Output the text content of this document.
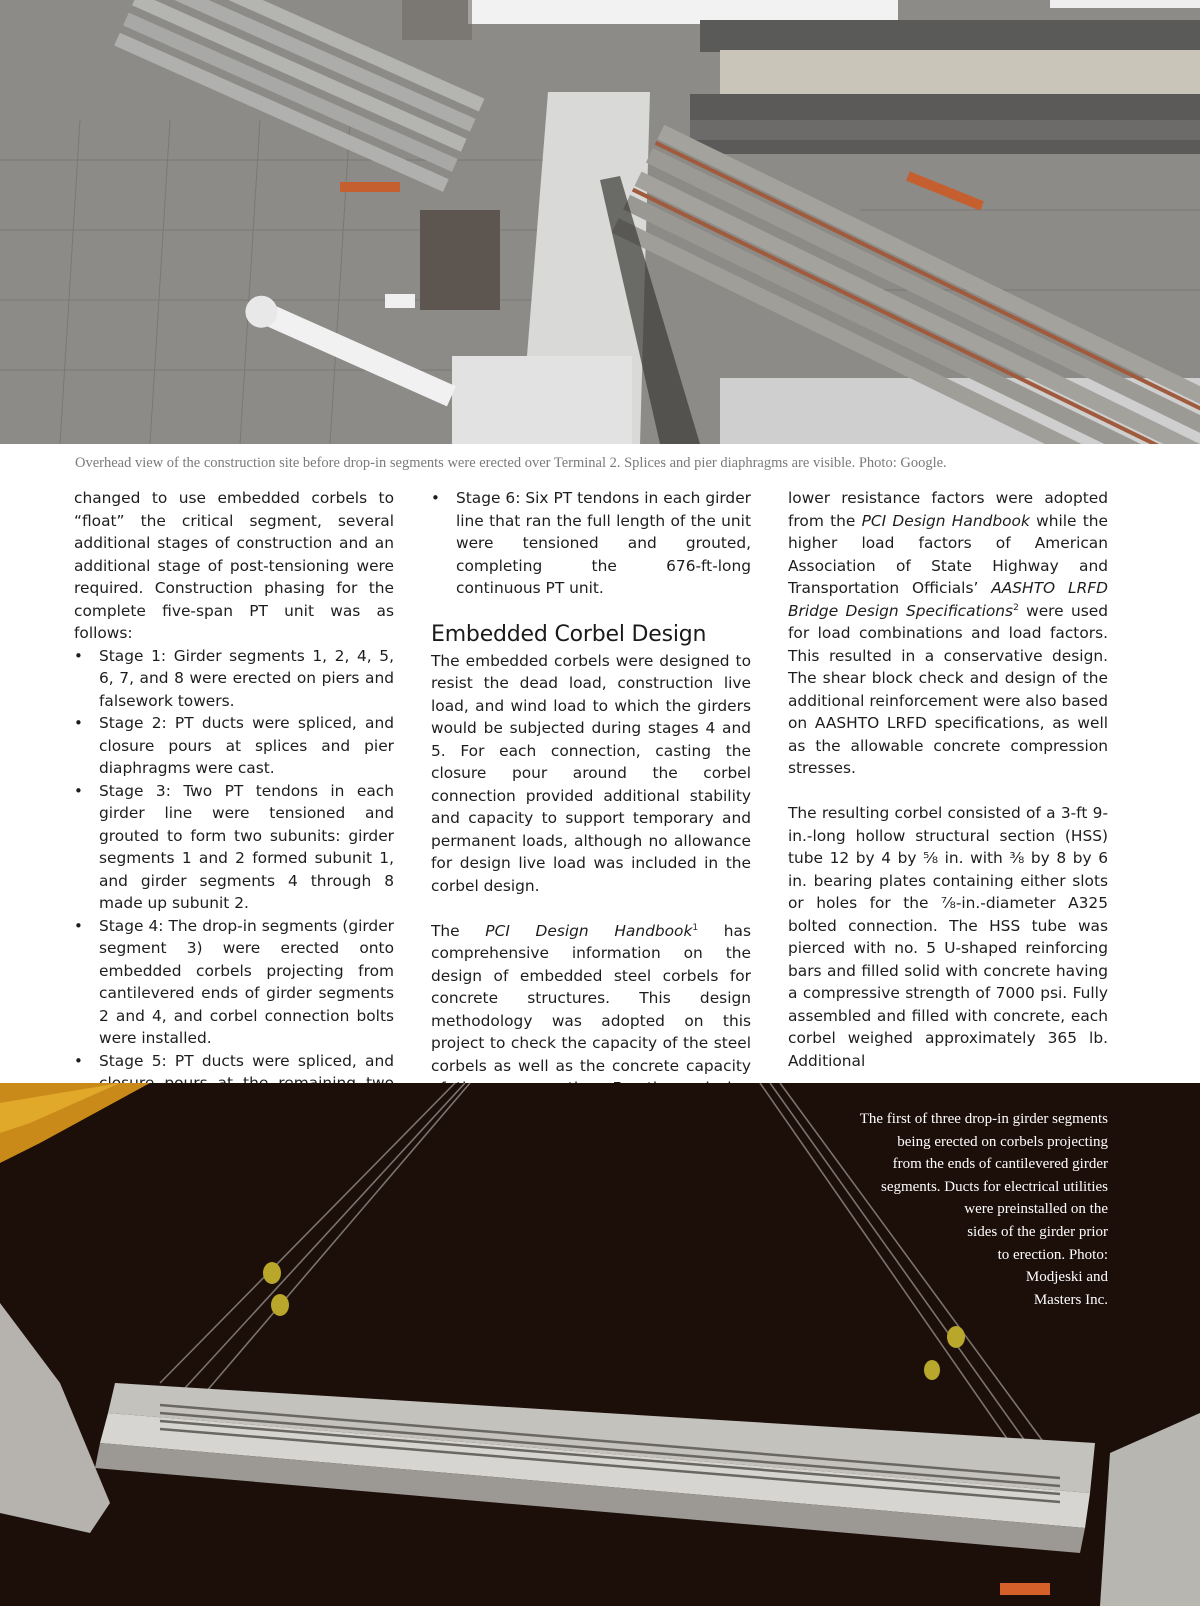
Overhead view of the construction site before drop-in segments were erected over Terminal 2. Splices and pier diaphragms are visible. Photo: Google.

changed to use embedded corbels to “float” the critical segment, several additional stages of construction and an additional stage of post-tensioning were required. Construction phasing for the complete five-span PT unit was as follows:

• Stage 1: Girder segments 1, 2, 4, 5, 6, 7, and 8 were erected on piers and falsework towers.
• Stage 2: PT ducts were spliced, and closure pours at splices and pier diaphragms were cast.
• Stage 3: Two PT tendons in each girder line were tensioned and grouted to form two subunits: girder segments 1 and 2 formed subunit 1, and girder segments 4 through 8 made up subunit 2.
• Stage 4: The drop-in segments (girder segment 3) were erected onto embedded corbels projecting from cantilevered ends of girder segments 2 and 4, and corbel connection bolts were installed.
• Stage 5: PT ducts were spliced, and
• Stage 6: Six PT tendons in each girder line that ran the full length of the unit were tensioned and grouted, completing the 676-ft-long continuous PT unit.
Embedded Corbel Design

The embedded corbels were designed to resist the dead load, construction live load, and wind load to which the girders would be subjected during stages 4 and 5. For each connection, casting the closure pour around the corbel connection provided additional stability and capacity to support temporary and permanent loads, although no allowance for design live load was included in the corbel design.

The PCI Design Handbook$^1$ has comprehensive information on the design of embedded steel corbels for concrete structures. This design methodology was adopted on this project to check the capacity of the steel corbels as well as the concrete capacity

lower resistance factors were adopted from the PCI Design Handbook while the higher load factors of American Association of State Highway and Transportation Officials’ AASHTO LRFD Bridge Design Specifications$^2$ were used for load combinations and load factors. This resulted in a conservative design. The shear block check and design of the additional reinforcement were also based on AASHTO LRFD specifications, as well as the allowable concrete compression stresses.

The resulting corbel consisted of a 3-ft 9-in.-long hollow structural section (HSS) tube 12 by 4 by ⅝ in. with ⅜ by 8 by 6 in. bearing plates containing either slots or holes for the ⅞-in.-diameter A325 bolted connection. The HSS tube was pierced with no. 5 U-shaped reinforcing bars and filled solid with concrete having a compressive strength of 7000 psi. Fully assembled and filled with concrete, each corbel weighed approximately 365 lb. Additional

The first of three drop-in girder segments
being erected on corbels projecting
from the ends of cantilevered girder
segments. Ducts for electrical utilities
were preinstalled on the
sides of the girder prior
to erection. Photo:
Modjeski and
Masters Inc.
